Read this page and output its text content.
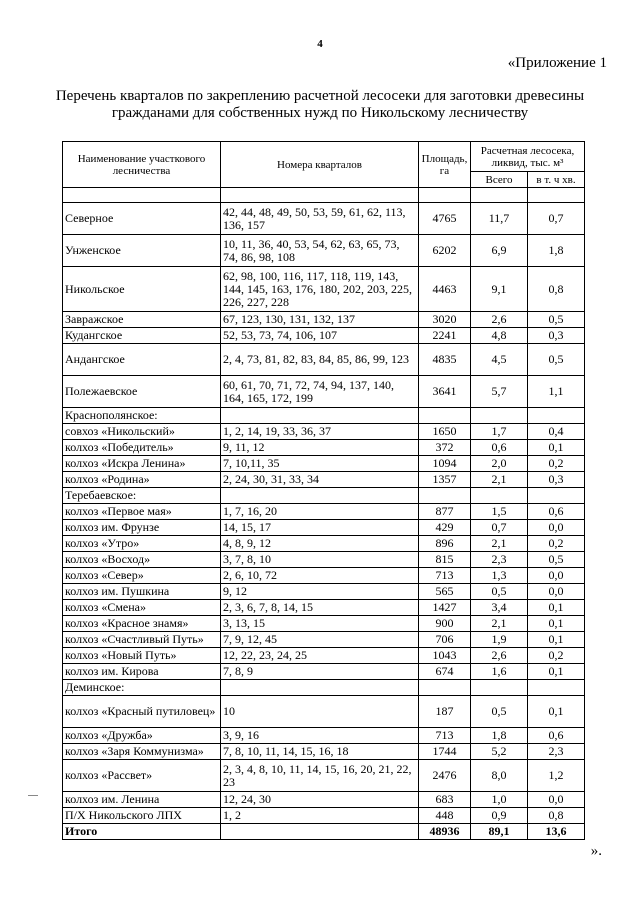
4
«Приложение 1
Перечень кварталов по закреплению расчетной лесосеки для заготовки древесины гражданами для собственных нужд по Никольскому лесничеству
Наименование участкового лесничества	Номера кварталов	Площадь, га	Расчетная лесосека, ликвид, тыс. м³	
			Всего	в т. ч хв.

Северное	42, 44, 48, 49, 50, 53, 59, 61, 62, 113, 136, 157	4765	11,7	0,7
Унженское	10, 11, 36, 40, 53, 54, 62, 63, 65, 73, 74, 86, 98, 108	6202	6,9	1,8
Никольское	62, 98, 100, 116, 117, 118, 119, 143, 144, 145, 163, 176, 180, 202, 203, 225, 226, 227, 228	4463	9,1	0,8
Завражское	67, 123, 130, 131, 132, 137	3020	2,6	0,5
Кудангское	52, 53, 73, 74, 106, 107	2241	4,8	0,3
Андангское	2, 4, 73, 81, 82, 83, 84, 85, 86, 99, 123	4835	4,5	0,5
Полежаевское	60, 61, 70, 71, 72, 74, 94, 137, 140, 164, 165, 172, 199	3641	5,7	1,1
Краснополянское:				
совхоз «Никольский»	1, 2, 14, 19, 33, 36, 37	1650	1,7	0,4
колхоз «Победитель»	9, 11, 12	372	0,6	0,1
колхоз «Искра Ленина»	7, 10,11, 35	1094	2,0	0,2
колхоз «Родина»	2, 24, 30, 31, 33, 34	1357	2,1	0,3
Теребаевское:				
колхоз «Первое мая»	1, 7, 16, 20	877	1,5	0,6
колхоз им. Фрунзе	14, 15, 17	429	0,7	0,0
колхоз «Утро»	4, 8, 9, 12	896	2,1	0,2
колхоз «Восход»	3, 7, 8, 10	815	2,3	0,5
колхоз «Север»	2, 6, 10, 72	713	1,3	0,0
колхоз им. Пушкина	9, 12	565	0,5	0,0
колхоз «Смена»	2, 3, 6, 7, 8, 14, 15	1427	3,4	0,1
колхоз «Красное знамя»	3, 13, 15	900	2,1	0,1
колхоз «Счастливый Путь»	7, 9, 12, 45	706	1,9	0,1
колхоз «Новый Путь»	12, 22, 23, 24, 25	1043	2,6	0,2
колхоз им. Кирова	7, 8, 9	674	1,6	0,1
Деминское:				
колхоз «Красный путиловец»	10	187	0,5	0,1
колхоз «Дружба»	3, 9, 16	713	1,8	0,6
колхоз «Заря Коммунизма»	7, 8, 10, 11, 14, 15, 16, 18	1744	5,2	2,3
колхоз «Рассвет»	2, 3, 4, 8, 10, 11, 14, 15, 16, 20, 21, 22, 23	2476	8,0	1,2
колхоз им. Ленина	12, 24, 30	683	1,0	0,0
П/Х Никольского ЛПХ	1, 2	448	0,9	0,8
Итого		48936	89,1	13,6
».
